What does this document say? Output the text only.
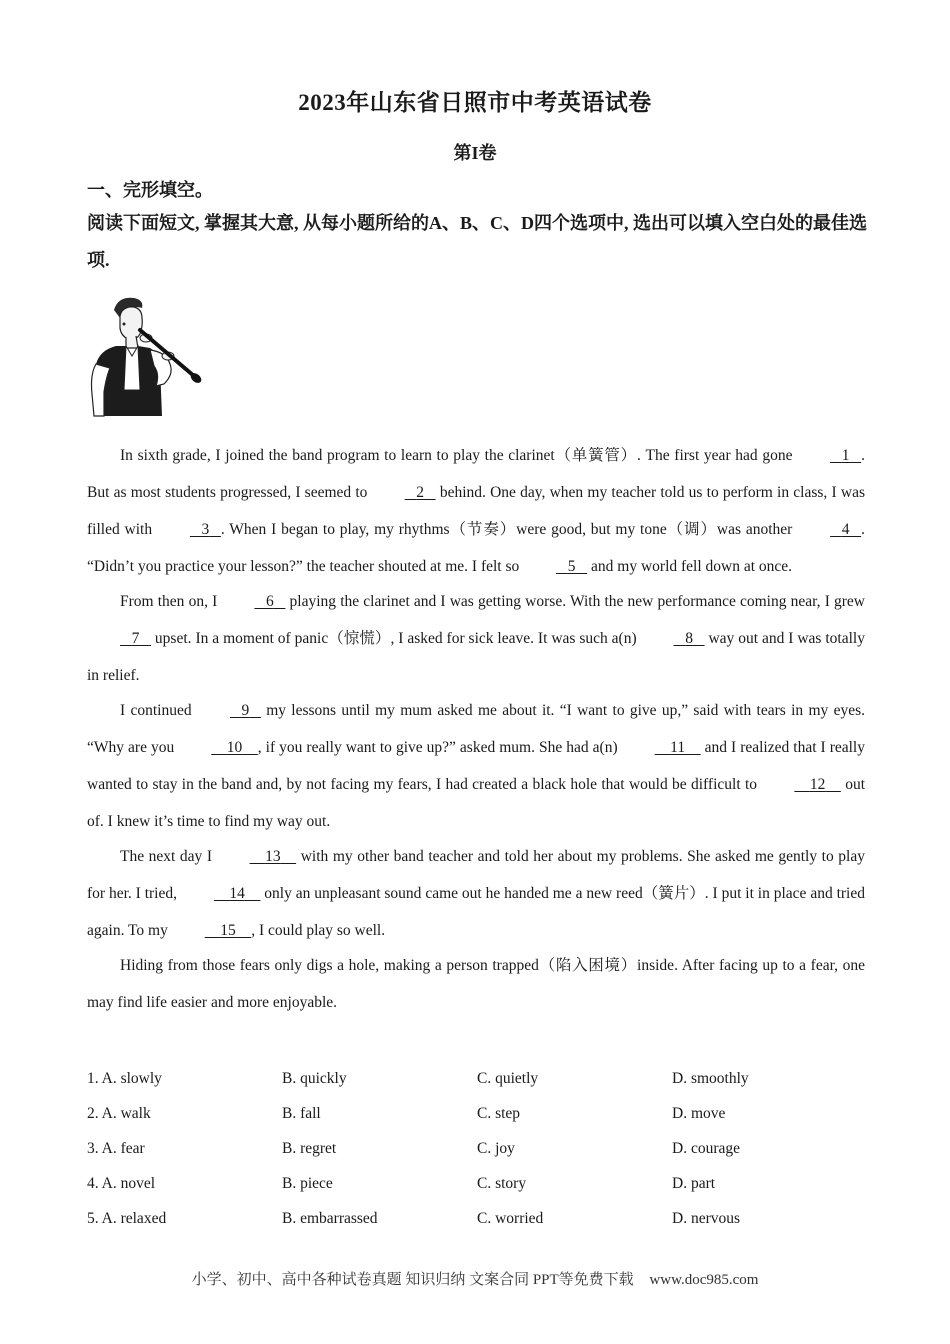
2023年山东省日照市中考英语试卷
第I卷
一、完形填空。
阅读下面短文, 掌握其大意, 从每小题所给的A、B、C、D四个选项中, 选出可以填入空白处的最佳选项.

In sixth grade, I joined the band program to learn to play the clarinet（单簧管）. The first year had gone	1 . But as most students progressed, I seemed to	2    behind. One day, when my teacher told us to perform in class, I was filled with	3 . When I began to play, my rhythms（节奏）were good, but my tone（调）was another	4 . “Didn’t you practice your lesson?” the teacher shouted at me. I felt so	5    and my world fell down at once.

From then on, I	6    playing the clarinet and I was getting worse. With the new performance coming near, I grew    7    upset. In a moment of panic（惊慌）, I asked for sick leave. It was such a(n)	8    way out and I was totally in relief.

I continued	9    my lessons until my mum asked me about it. “I want to give up,” said with tears in my eyes. “Why are you	10 , if you really want to give up?” asked mum. She had a(n)	11     and I realized that I really wanted to stay in the band and, by not facing my fears, I had created a black hole that would be difficult to	12     out of. I knew it’s time to find my way out.

The next day I	13     with my other band teacher and told her about my problems. She asked me gently to play for her. I tried,	14     only an unpleasant sound came out he handed me a new reed（簧片）. I put it in place and tried again. To my	15 , I could play so well.

Hiding from those fears only digs a hole, making a person trapped（陷入困境）inside. After facing up to a fear, one may find life easier and more enjoyable.

1. A. slowly	B. quickly	C. quietly	D. smoothly
2. A. walk	B. fall	C. step	D. move
3. A. fear	B. regret	C. joy	D. courage
4. A. novel	B. piece	C. story	D. part
5. A. relaxed	B. embarrassed	C. worried	D. nervous
小学、初中、高中各种试卷真题 知识归纳 文案合同 PPT等免费下载 www.doc985.com
